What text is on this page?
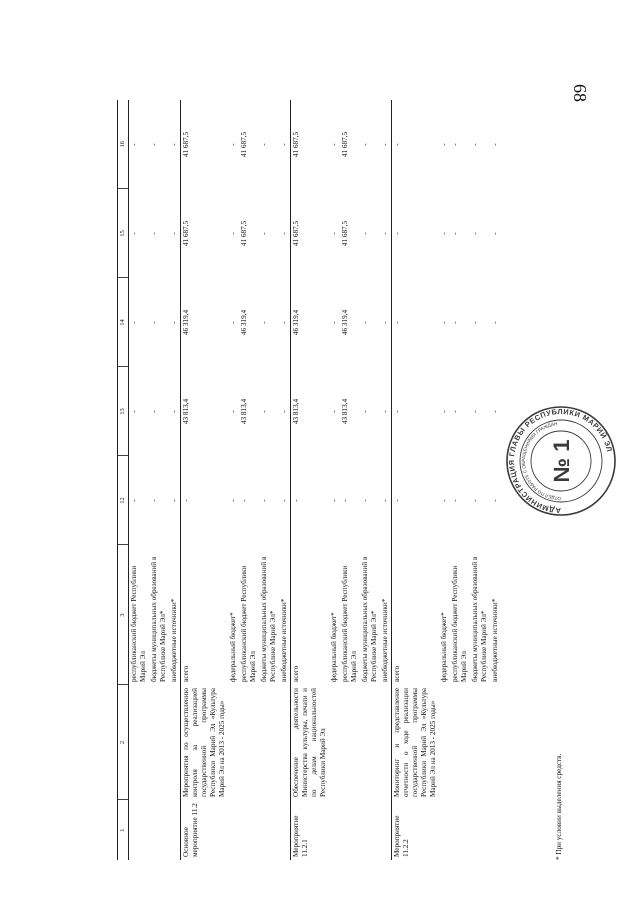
68
1	2	3	12	13	14	15	16
		республиканский бюджет Республики Марий Эл	-	-	-	-	-
		бюджеты муниципальных образований в Республике Марий Эл*	-	-	-	-	-
		внебюджетные источники*	-	-	-	-	-
Основное мероприятие 11.2	Мероприятия по осуществлению контроля за реализацией государственной программы Республики Марий Эл «Культура Марий Эл на 2013 - 2025 годы»	всего	-	43 813,4	46 319,4	41 687,5	41 687,5
		федеральный бюджет*	-	-	-	-	-
		республиканский бюджет Республики Марий Эл	-	43 813,4	46 319,4	41 687,5	41 687,5
		бюджеты муниципальных образований в Республике Марий Эл*	-	-	-	-	-
		внебюджетные источники*	-	-	-	-	-
Мероприятие 11.2.1	Обеспечение деятельности Министерства культуры, печати и по делам национальностей Республики Марий Эл	всего	-	43 813,4	46 319,4	41 687,5	41 687,5
		федеральный бюджет*	-	-	-	-	-
		республиканский бюджет Республики Марий Эл	-	43 813,4	46 319,4	41 687,5	41 687,5
		бюджеты муниципальных образований в Республике Марий Эл*	-	-	-	-	-
		внебюджетные источники*	-	-	-	-	-
Мероприятие 11.2.2	Мониторинг и представление отчетности о ходе реализации государственной программы Республики Марий Эл «Культура Марий Эл на 2013 - 2025 годы»	всего	-	-	-	-	-
		федеральный бюджет*	-	-	-	-	-
		республиканский бюджет Республики Марий Эл	-	-	-	-	-
		бюджеты муниципальных образований в Республике Марий Эл*	-	-	-	-	-
		внебюджетные источники*	-	-	-	-	-
* При условии выделения средств.
АДМИНИСТРАЦИЯ ГЛАВЫ РЕСПУБЛИКИ МАРИЙ ЭЛ
ОТДЕЛ ПО РАБОТЕ С ОБРАЩЕНИЯМИ ГРАЖДАН
№ 1
